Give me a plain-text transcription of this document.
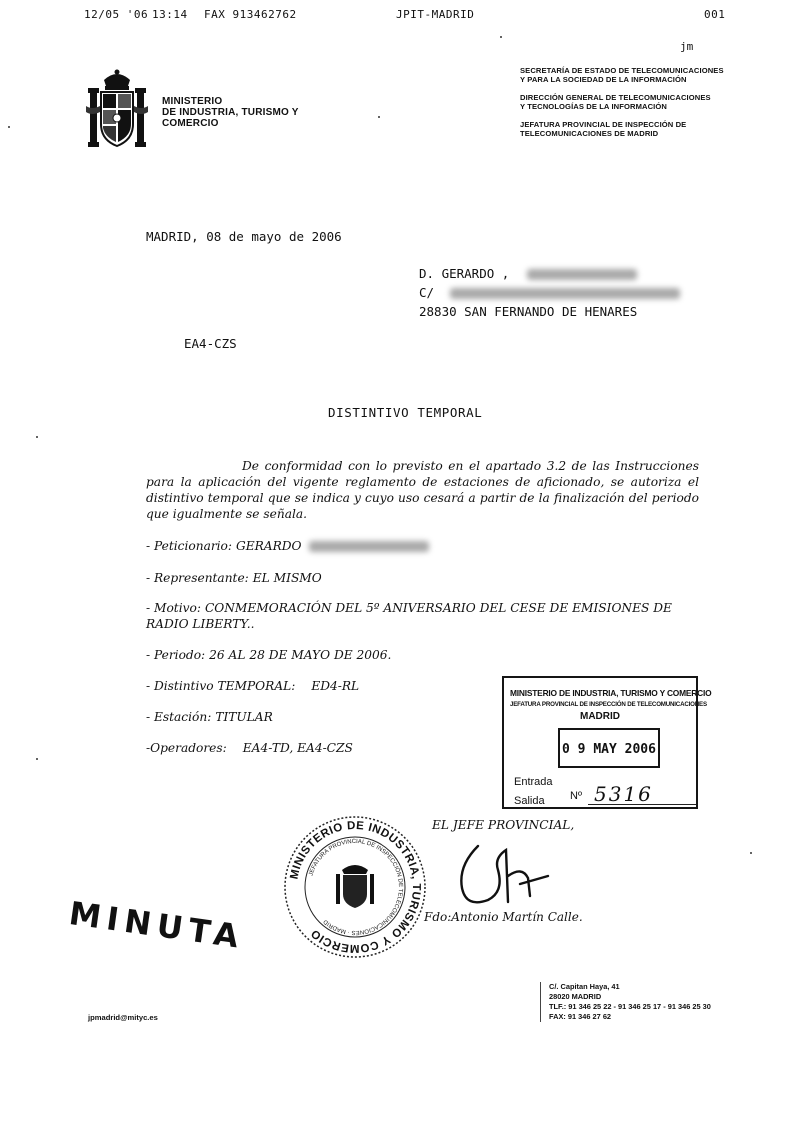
12/05 '06 13:14 FAX 913462762	JPIT-MADRID	001
jm
MINISTERIO
DE INDUSTRIA, TURISMO Y
COMERCIO

SECRETARÍA DE ESTADO DE TELECOMUNICACIONES
Y PARA LA SOCIEDAD DE LA INFORMACIÓN

DIRECCIÓN GENERAL DE TELECOMUNICACIONES
Y TECNOLOGÍAS DE LA INFORMACIÓN

JEFATURA PROVINCIAL DE INSPECCIÓN DE
TELECOMUNICACIONES DE MADRID

MADRID, 08 de mayo de 2006
D. GERARDO ,
C/
28830 SAN FERNANDO DE HENARES
EA4-CZS
DISTINTIVO TEMPORAL
De conformidad con lo previsto en el apartado 3.2 de las Instrucciones para la aplicación del vigente reglamento de estaciones de aficionado, se autoriza el distintivo temporal que se indica y cuyo uso cesará a partir de la finalización del periodo que igualmente se señala.
- Peticionario: GERARDO
- Representante: EL MISMO
- Motivo: CONMEMORACIÓN DEL 5º ANIVERSARIO DEL CESE DE EMISIONES DE RADIO LIBERTY..
- Periodo: 26 AL 28 DE MAYO DE 2006.
- Distintivo TEMPORAL: ED4-RL
- Estación: TITULAR
-Operadores: EA4-TD, EA4-CZS
MINISTERIO DE INDUSTRIA, TURISMO Y COMERCIO
JEFATURA PROVINCIAL DE INSPECCIÓN DE TELECOMUNICACIONES
MADRID
0 9 MAY 2006
Entrada
Salida Nº 5316
EL JEFE PROVINCIAL,
MINISTERIO DE INDUSTRIA, TURISMO Y COMERCIO
JEFATURA PROVINCIAL DE INSPECCIÓN DE TELECOMUNICACIONES · MADRID	Fdo:Antonio Martín Calle.
MINUTA
jpmadrid@mityc.es
C/. Capitan Haya, 41
28020 MADRID
TLF.: 91 346 25 22 - 91 346 25 17 - 91 346 25 30
FAX: 91 346 27 62
